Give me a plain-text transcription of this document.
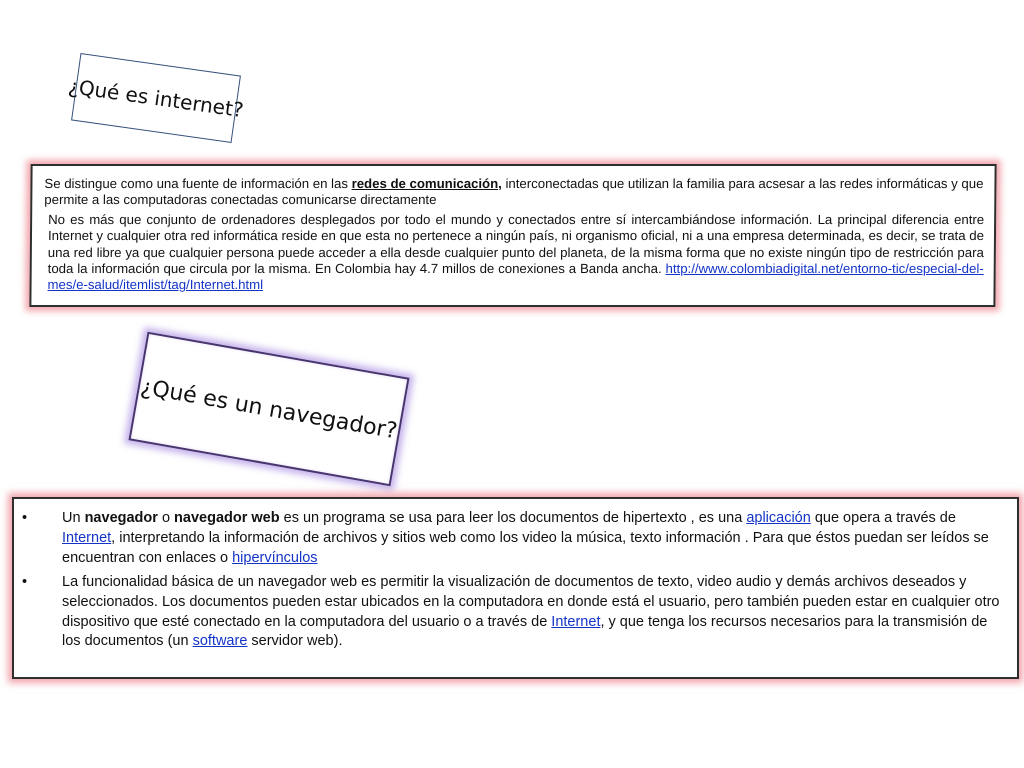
¿Qué es internet?

Se distingue como una fuente de información en las redes de comunicación, interconectadas que utilizan la familia para acsesar a las redes informáticas y que permite a las computadoras conectadas comunicarse directamente

No es más que conjunto de ordenadores desplegados por todo el mundo y conectados entre sí intercambiándose información. La principal diferencia entre Internet y cualquier otra red informática reside en que esta no pertenece a ningún país, ni organismo oficial, ni a una empresa determinada, es decir, se trata de una red libre ya que cualquier persona puede acceder a ella desde cualquier punto del planeta, de la misma forma que no existe ningún tipo de restricción para toda la información que circula por la misma. En Colombia hay 4.7 millos de conexiones a Banda ancha. http://www.colombiadigital.net/entorno-tic/especial-del-mes/e-salud/itemlist/tag/Internet.html

¿Qué es un navegador?
• Un navegador o navegador web es un programa se usa para leer los documentos de hipertexto , es una aplicación que opera a través de Internet, interpretando la información de archivos y sitios web como los video la música, texto información . Para que éstos puedan ser leídos se encuentran con enlaces o hipervínculos
• La funcionalidad básica de un navegador web es permitir la visualización de documentos de texto, video audio y demás archivos deseados y seleccionados. Los documentos pueden estar ubicados en la computadora en donde está el usuario, pero también pueden estar en cualquier otro dispositivo que esté conectado en la computadora del usuario o a través de Internet, y que tenga los recursos necesarios para la transmisión de los documentos (un software servidor web).
